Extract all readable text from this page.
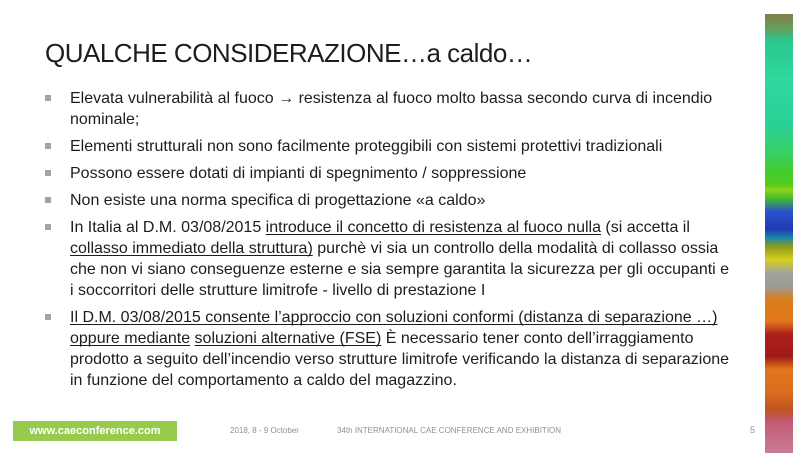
QUALCHE CONSIDERAZIONE…a caldo…
Elevata vulnerabilità al fuoco → resistenza al fuoco molto bassa secondo curva di incendio nominale;
Elementi strutturali non sono facilmente proteggibili con sistemi protettivi tradizionali
Possono essere dotati di impianti di spegnimento / soppressione
Non esiste una norma specifica di progettazione «a caldo»
In Italia al D.M. 03/08/2015 introduce il concetto di resistenza al fuoco nulla (si accetta il collasso immediato della struttura) purchè vi sia un controllo della modalità di collasso ossia che non vi siano conseguenze esterne e sia sempre garantita la sicurezza per gli occupanti e i soccorritori delle strutture limitrofe - livello di prestazione I
Il D.M. 03/08/2015 consente l’approccio con soluzioni conformi (distanza di separazione …) oppure mediante soluzioni alternative (FSE) È necessario tener conto dell’irraggiamento prodotto a seguito dell’incendio verso strutture limitrofe verificando la distanza di separazione in funzione del comportamento a caldo del magazzino.
www.caeconference.com	2018, 8 - 9 October	34th INTERNATIONAL CAE CONFERENCE AND EXHIBITION	5
